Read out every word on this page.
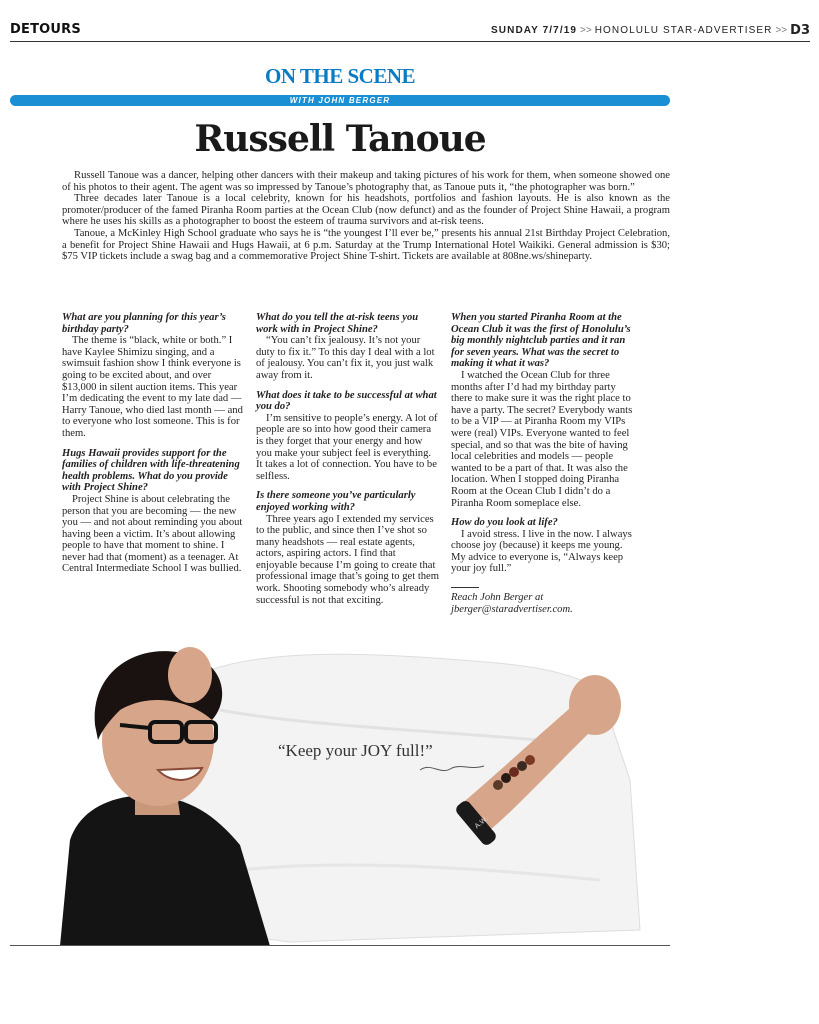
DETOURS	SUNDAY 7/7/19 >> HONOLULU STAR-ADVERTISER >> D3
ON THE SCENE
WITH JOHN BERGER
Russell Tanoue

Russell Tanoue was a dancer, helping other dancers with their makeup and taking pictures of his work for them, when someone showed one of his photos to their agent. The agent was so impressed by Tanoue’s photography that, as Tanoue puts it, “the photographer was born.”

Three decades later Tanoue is a local celebrity, known for his headshots, portfolios and fashion layouts. He is also known as the promoter/producer of the famed Piranha Room parties at the Ocean Club (now defunct) and as the founder of Project Shine Hawaii, a program where he uses his skills as a photographer to boost the esteem of trauma survivors and at-risk teens.

Tanoue, a McKinley High School graduate who says he is “the youngest I’ll ever be,” presents his annual 21st Birthday Project Celebration, a benefit for Project Shine Hawaii and Hugs Hawaii, at 6 p.m. Saturday at the Trump International Hotel Waikiki. General admission is $30; $75 VIP tickets include a swag bag and a commemorative Project Shine T-shirt. Tickets are available at 808ne.ws/shineparty.

What are you planning for this year’s birthday party?

The theme is “black, white or both.” I have Kaylee Shimizu singing, and a swimsuit fashion show I think everyone is going to be excited about, and over $13,000 in silent auction items. This year I’m dedicating the event to my late dad — Harry Tanoue, who died last month — and to everyone who lost someone. This is for them.

Hugs Hawaii provides support for the families of children with life-threatening health problems. What do you provide with Project Shine?

Project Shine is about celebrating the person that you are becoming — the new you — and not about reminding you about having been a victim. It’s about allowing people to have that moment to shine. I never had that (moment) as a teenager. At Central Intermediate School I was bullied.

What do you tell the at-risk teens you work with in Project Shine?

“You can’t fix jealousy. It’s not your duty to fix it.” To this day I deal with a lot of jealousy. You can’t fix it, you just walk away from it.

What does it take to be successful at what you do?

I’m sensitive to people’s energy. A lot of people are so into how good their camera is they forget that your energy and how you make your subject feel is everything. It takes a lot of connection. You have to be selfless.

Is there someone you’ve particularly enjoyed working with?

Three years ago I extended my services to the public, and since then I’ve shot so many headshots — real estate agents, actors, aspiring actors. I find that enjoyable because I’m going to create that professional image that’s going to get them work. Shooting somebody who’s already successful is not that exciting.

When you started Piranha Room at the Ocean Club it was the first of Honolulu’s big monthly nightclub parties and it ran for seven years. What was the secret to making it what it was?

I watched the Ocean Club for three months after I’d had my birthday party there to make sure it was the right place to have a party. The secret? Everybody wants to be a VIP — at Piranha Room my VIPs were (real) VIPs. Everyone wanted to feel special, and so that was the bite of having local celebrities and models — people wanted to be a part of that. It was also the location. When I stopped doing Piranha Room at the Ocean Club I didn’t do a Piranha Room someplace else.

How do you look at life?

I avoid stress. I live in the now. I always choose joy (because) it keeps me young. My advice to everyone is, “Always keep your joy full.”

Reach John Berger at jberger@staradvertiser.com.

A.W.
“Keep your JOY full!”
